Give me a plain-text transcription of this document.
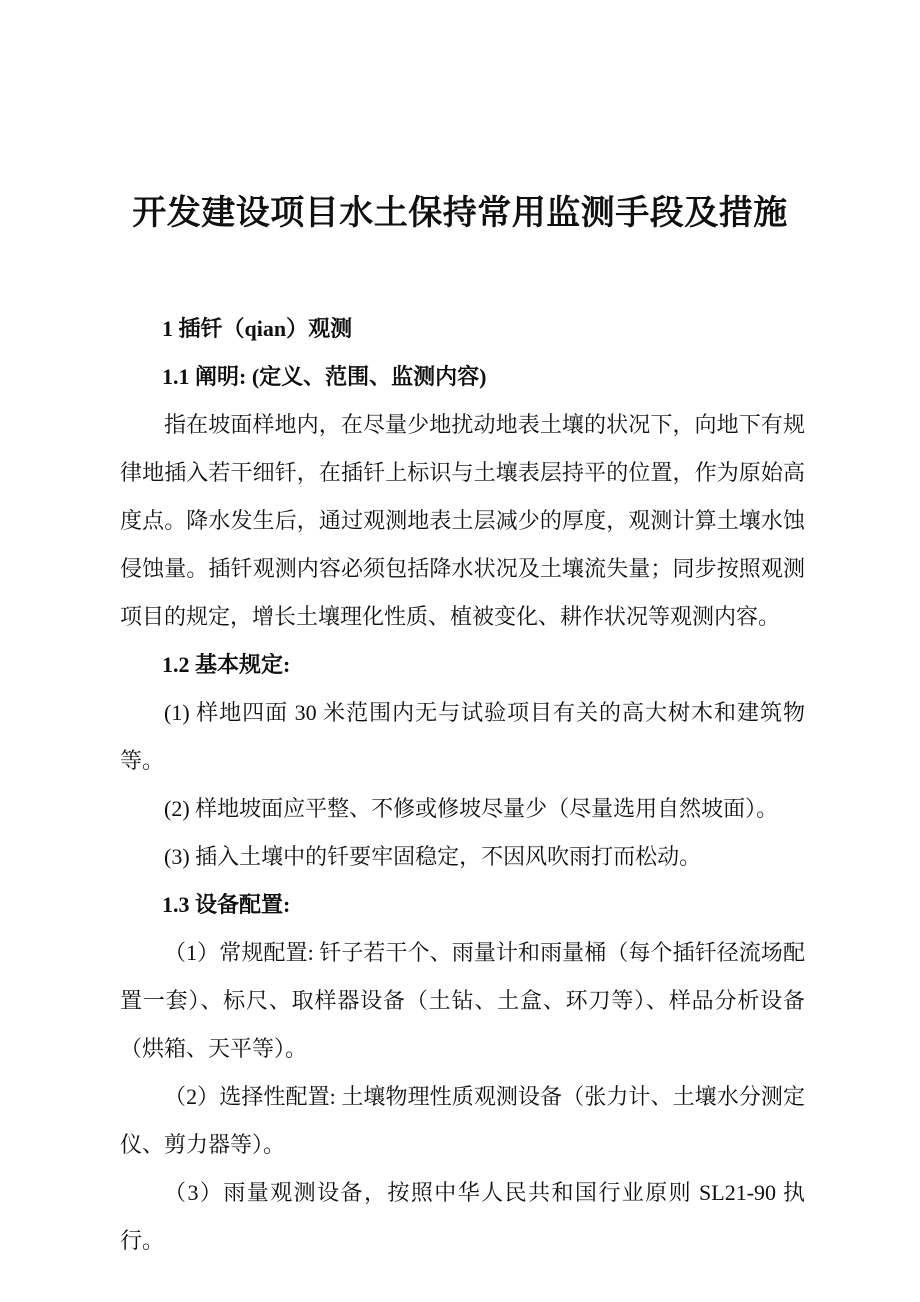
开发建设项目水土保持常用监测手段及措施
1 插钎（qian）观测
1.1 阐明: (定义、范围、监测内容)
指在坡面样地内，在尽量少地扰动地表土壤的状况下，向地下有规律地插入若干细钎，在插钎上标识与土壤表层持平的位置，作为原始高度点。降水发生后，通过观测地表土层减少的厚度，观测计算土壤水蚀侵蚀量。插钎观测内容必须包括降水状况及土壤流失量；同步按照观测项目的规定，增长土壤理化性质、植被变化、耕作状况等观测内容。
1.2 基本规定:
(1) 样地四面 30 米范围内无与试验项目有关的高大树木和建筑物等。
(2) 样地坡面应平整、不修或修坡尽量少（尽量选用自然坡面）。
(3) 插入土壤中的钎要牢固稳定，不因风吹雨打而松动。
1.3 设备配置:
（1）常规配置: 钎子若干个、雨量计和雨量桶（每个插钎径流场配置一套）、标尺、取样器设备（土钻、土盒、环刀等）、样品分析设备（烘箱、天平等）。
（2）选择性配置: 土壤物理性质观测设备（张力计、土壤水分测定仪、剪力器等）。
（3）雨量观测设备，按照中华人民共和国行业原则 SL21-90 执行。
